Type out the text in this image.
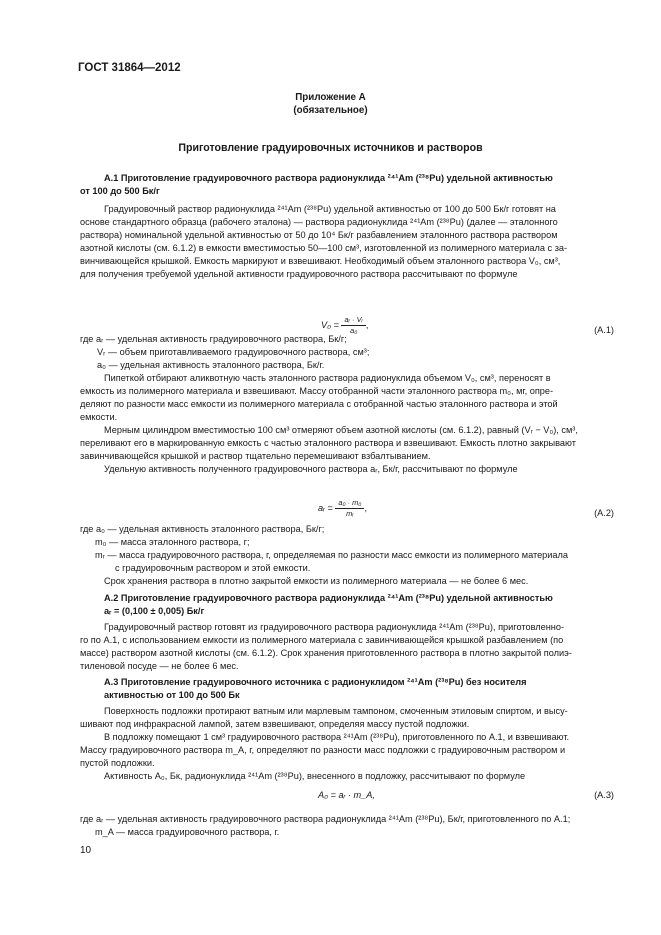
ГОСТ 31864—2012
Приложение А
(обязательное)
Приготовление градуировочных источников и растворов

А.1 Приготовление градуировочного раствора радионуклида ²⁴¹Am (²³⁸Pu) удельной активностью

от 100 до 500 Бк/г

Градуировочный раствор радионуклида ²⁴¹Am (²³⁸Pu) удельной активностью от 100 до 500 Бк/г готовят на

основе стандартного образца (рабочего эталона) — раствора радионуклида ²⁴¹Am (²³⁸Pu) (далее — эталонного

раствора) номинальной удельной активностью от 50 до 10⁴ Бк/г разбавлением эталонного раствора раствором

азотной кислоты (см. 6.1.2) в емкости вместимостью 50—100 см³, изготовленной из полимерного материала с за-

винчивающейся крышкой. Емкость маркируют и взвешивают. Необходимый объем эталонного раствора V₀, см³,

для получения требуемой удельной активности градуировочного раствора рассчитывают по формуле

$V_0 = \frac{\text{aᵣ · Vᵣ}}{\text{a₀}}$ ,
(А.1)

где aᵣ — удельная активность градуировочного раствора, Бк/г;

Vᵣ — объем приготавливаемого градуировочного раствора, см³;

a₀ — удельная активность эталонного раствора, Бк/г.

Пипеткой отбирают аликвотную часть эталонного раствора радионуклида объемом V₀, см³, переносят в

емкость из полимерного материала и взвешивают. Массу отобранной части эталонного раствора m₀, мг, опре-

деляют по разности масс емкости из полимерного материала с отобранной частью эталонного раствора и этой

емкости.

Мерным цилиндром вместимостью 100 см³ отмеряют объем азотной кислоты (см. 6.1.2), равный (Vᵣ − V₀), см³,

переливают его в маркированную емкость с частью эталонного раствора и взвешивают. Емкость плотно закрывают

завинчивающейся крышкой и раствор тщательно перемешивают взбалтыванием.

Удельную активность полученного градуировочного раствора aᵣ, Бк/г, рассчитывают по формуле

aᵣ = $\frac{\text{a₀ · m₀}}{\text{mᵣ}}$ ,
(А.2)

где a₀ — удельная активность эталонного раствора, Бк/г;

m₀ — масса эталонного раствора, г;

mᵣ — масса градуировочного раствора, г, определяемая по разности масс емкости из полимерного материала

с градуировочным раствором и этой емкости.

Срок хранения раствора в плотно закрытой емкости из полимерного материала — не более 6 мес.

А.2 Приготовление градуировочного раствора радионуклида ²⁴¹Am (²³⁸Pu) удельной активностью

aᵣ = (0,100 ± 0,005) Бк/г

Градуировочный раствор готовят из градуировочного раствора радионуклида ²⁴¹Am (²³⁸Pu), приготовленно-

го по А.1, с использованием емкости из полимерного материала с завинчивающейся крышкой разбавлением (по

массе) раствором азотной кислоты (см. 6.1.2). Срок хранения приготовленного раствора в плотно закрытой полиэ-

тиленовой посуде — не более 6 мес.

А.3 Приготовление градуировочного источника с радионуклидом ²⁴¹Am (²³⁸Pu) без носителя

активностью от 100 до 500 Бк

Поверхность подложки протирают ватным или марлевым тампоном, смоченным этиловым спиртом, и высу-

шивают под инфракрасной лампой, затем взвешивают, определяя массу пустой подложки.

В подложку помещают 1 см³ градуировочного раствора ²⁴¹Am (²³⁸Pu), приготовленного по А.1, и взвешивают.

Массу градуировочного раствора m_A, г, определяют по разности масс подложки с градуировочным раствором и

пустой подложки.

Активность A₀, Бк, радионуклида ²⁴¹Am (²³⁸Pu), внесенного в подложку, рассчитывают по формуле

A₀ = aᵣ · m_A,	(А.3)

где aᵣ — удельная активность градуировочного раствора радионуклида ²⁴¹Am (²³⁸Pu), Бк/г, приготовленного по А.1;

m_A — масса градуировочного раствора, г.

10
